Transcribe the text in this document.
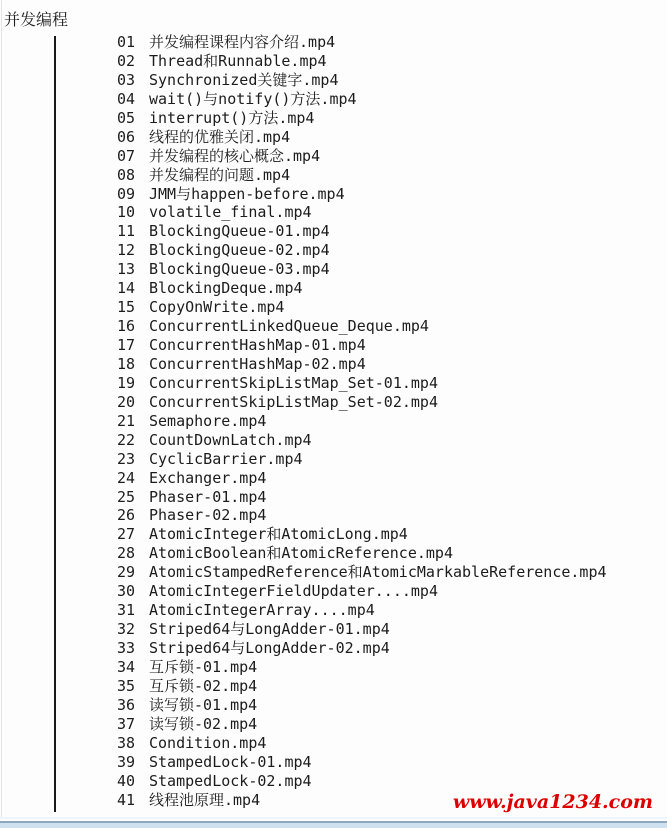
并发编程
01 并发编程课程内容介绍.mp4
02 Thread和Runnable.mp4
03 Synchronized关键字.mp4
04 wait()与notify()方法.mp4
05 interrupt()方法.mp4
06 线程的优雅关闭.mp4
07 并发编程的核心概念.mp4
08 并发编程的问题.mp4
09 JMM与happen-before.mp4
10 volatile_final.mp4
11 BlockingQueue-01.mp4
12 BlockingQueue-02.mp4
13 BlockingQueue-03.mp4
14 BlockingDeque.mp4
15 CopyOnWrite.mp4
16 ConcurrentLinkedQueue_Deque.mp4
17 ConcurrentHashMap-01.mp4
18 ConcurrentHashMap-02.mp4
19 ConcurrentSkipListMap_Set-01.mp4
20 ConcurrentSkipListMap_Set-02.mp4
21 Semaphore.mp4
22 CountDownLatch.mp4
23 CyclicBarrier.mp4
24 Exchanger.mp4
25 Phaser-01.mp4
26 Phaser-02.mp4
27 AtomicInteger和AtomicLong.mp4
28 AtomicBoolean和AtomicReference.mp4
29 AtomicStampedReference和AtomicMarkableReference.mp4
30 AtomicIntegerFieldUpdater....mp4
31 AtomicIntegerArray....mp4
32 Striped64与LongAdder-01.mp4
33 Striped64与LongAdder-02.mp4
34 互斥锁-01.mp4
35 互斥锁-02.mp4
36 读写锁-01.mp4
37 读写锁-02.mp4
38 Condition.mp4
39 StampedLock-01.mp4
40 StampedLock-02.mp4
41 线程池原理.mp4	www.java1234.com
